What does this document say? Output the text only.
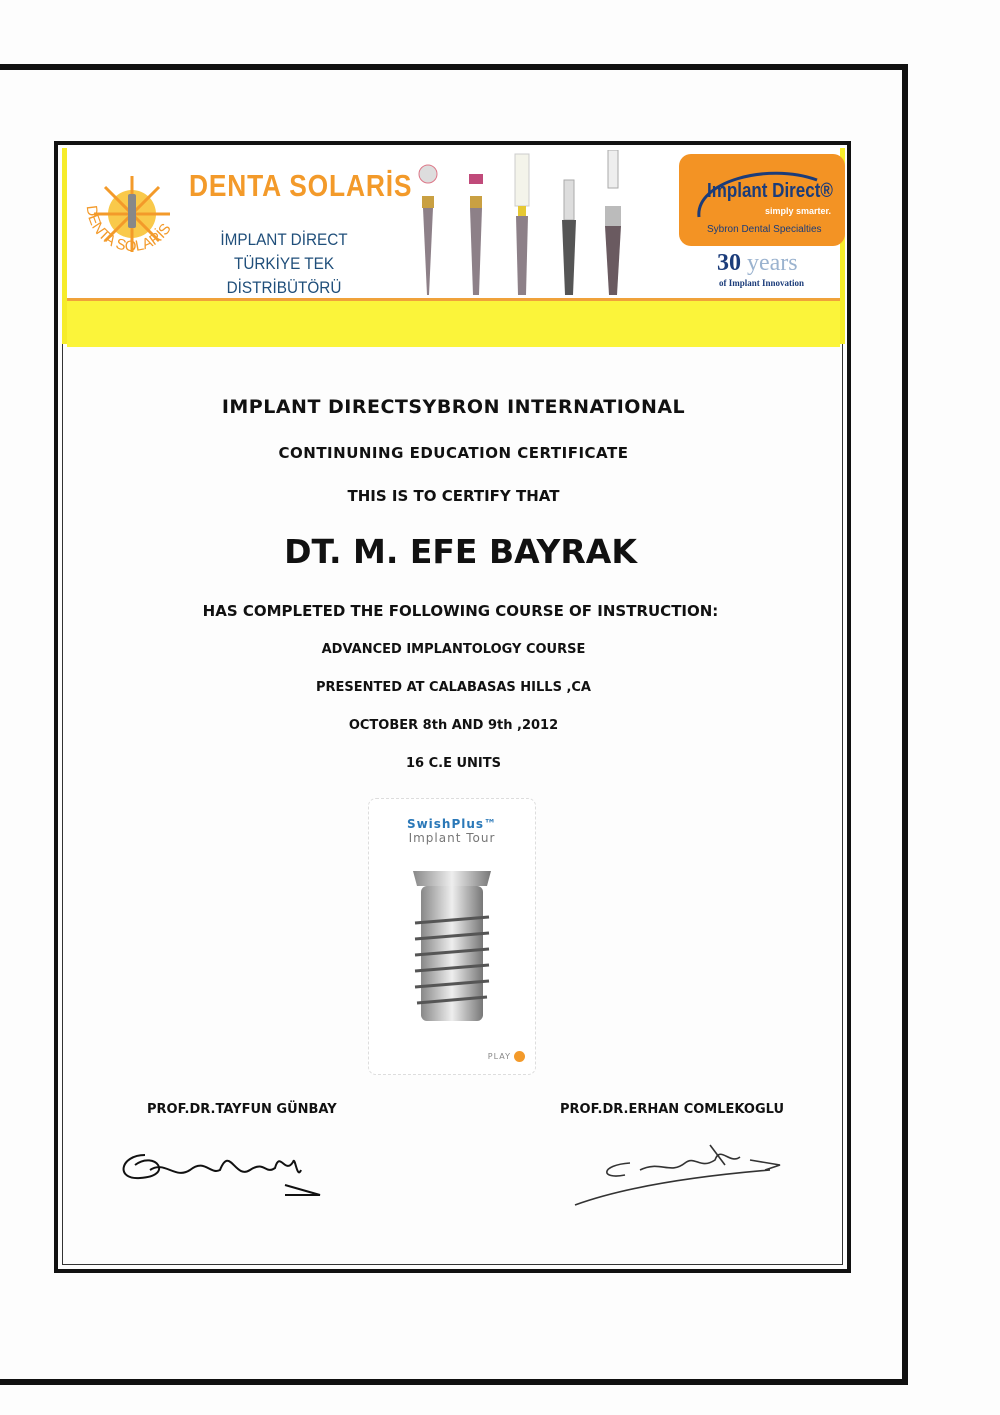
DENTA SOLARİS
DENTA SOLARİS
İMPLANT DİRECT
TÜRKİYE TEK DİSTRİBÜTÖRÜ
Implant Direct®
simply smarter.
Sybron Dental Specialties
30 years
of Implant Innovation
IMPLANT DIRECTSYBRON INTERNATIONAL
CONTINUNING EDUCATION CERTIFICATE
THIS IS TO CERTIFY THAT
DT. M. EFE BAYRAK
HAS COMPLETED THE FOLLOWING COURSE OF INSTRUCTION:
ADVANCED IMPLANTOLOGY COURSE
PRESENTED AT CALABASAS HILLS ,CA
OCTOBER 8th AND 9th ,2012
16 C.E UNITS
SwishPlus™
Implant Tour
PLAY
PROF.DR.TAYFUN GÜNBAY	PROF.DR.ERHAN COMLEKOGLU
